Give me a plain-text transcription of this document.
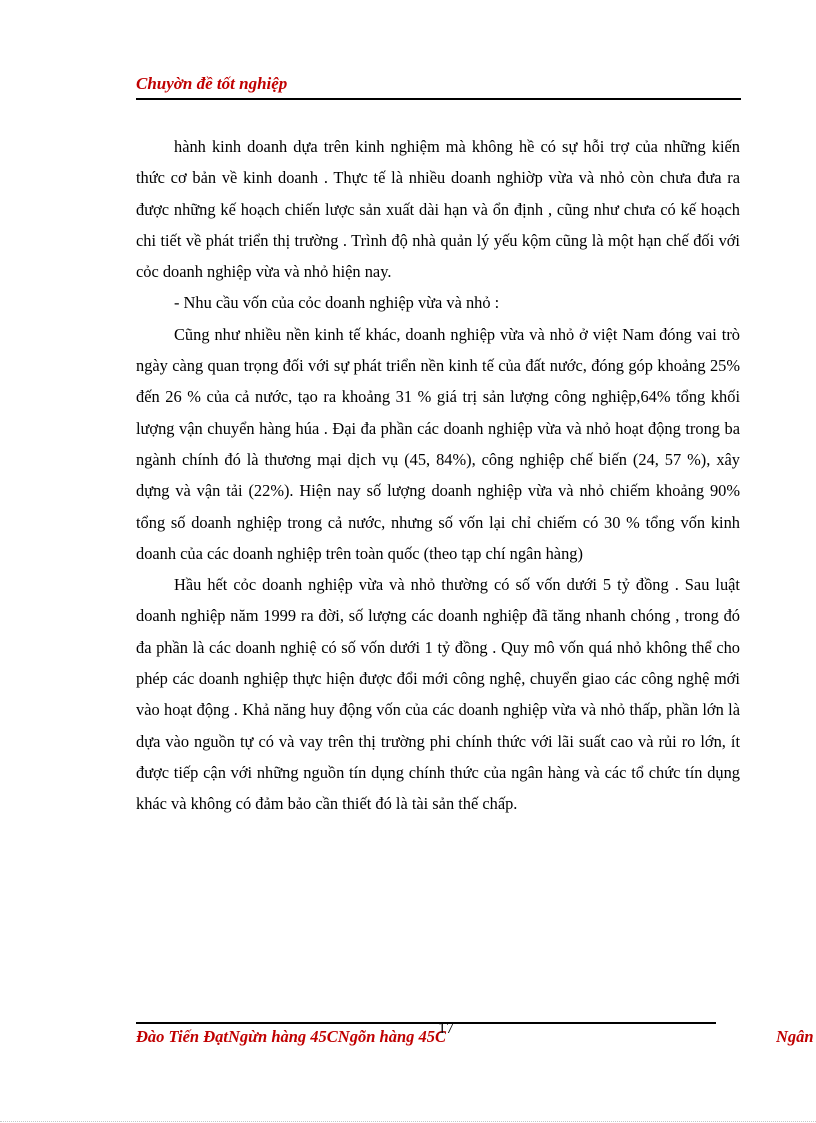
Chuyờn đề tốt nghiệp

hành kinh doanh dựa trên kinh nghiệm mà không hề có sự hỗi trợ của những kiến thức cơ bản về kinh doanh . Thực tế là nhiều doanh nghiờp vừa và nhỏ còn chưa đưa ra được những kế hoạch chiến lược sản xuất dài hạn và ổn định , cũng như chưa có kế hoạch chi tiết về phát triển thị trường . Trình độ nhà quản lý yếu kộm cũng là một hạn chế đối với cỏc doanh nghiệp vừa và nhỏ hiện nay.

- Nhu cầu vốn của cỏc doanh nghiệp vừa và nhỏ :

Cũng như nhiều nền kinh tế khác, doanh nghiệp vừa và nhỏ ở việt Nam đóng vai trò ngày càng quan trọng đối với sự phát triển nền kinh tế của đất nước, đóng góp khoảng 25% đến 26 % của cả nước, tạo ra khoảng 31 % giá trị sản lượng công nghiệp,64% tổng khối lượng vận chuyển hàng húa . Đại đa phần các doanh nghiệp vừa và nhỏ hoạt động trong ba ngành chính đó là thương mại dịch vụ (45, 84%), công nghiệp chế biến (24, 57 %), xây dựng và vận tải (22%). Hiện nay số lượng doanh nghiệp vừa và nhỏ chiếm khoảng 90% tổng số doanh nghiệp trong cả nước, nhưng số vốn lại chỉ chiếm có 30 % tổng vốn kinh doanh của các doanh nghiệp trên toàn quốc (theo tạp chí ngân hàng)

Hầu hết cỏc doanh nghiệp vừa và nhỏ thường có số vốn dưới 5 tỷ đồng . Sau luật doanh nghiệp năm 1999 ra đời, số lượng các doanh nghiệp đã tăng nhanh chóng , trong đó đa phần là các doanh nghiệ có số vốn dưới 1 tỷ đồng . Quy mô vốn quá nhỏ không thể cho phép các doanh nghiệp thực hiện được đổi mới công nghệ, chuyển giao các công nghệ mới vào hoạt động . Khả năng huy động vốn của các doanh nghiệp vừa và nhỏ thấp, phần lớn là dựa vào nguồn tự có và vay trên thị trường phi chính thức với lãi suất cao và rủi ro lớn, ít được tiếp cận với những nguồn tín dụng chính thức của ngân hàng và các tổ chức tín dụng khác và không có đảm bảo cần thiết đó là tài sản thế chấp.

Đào Tiến ĐạtNgừn hàng 45CNgõn hàng 45C
17	Ngân
